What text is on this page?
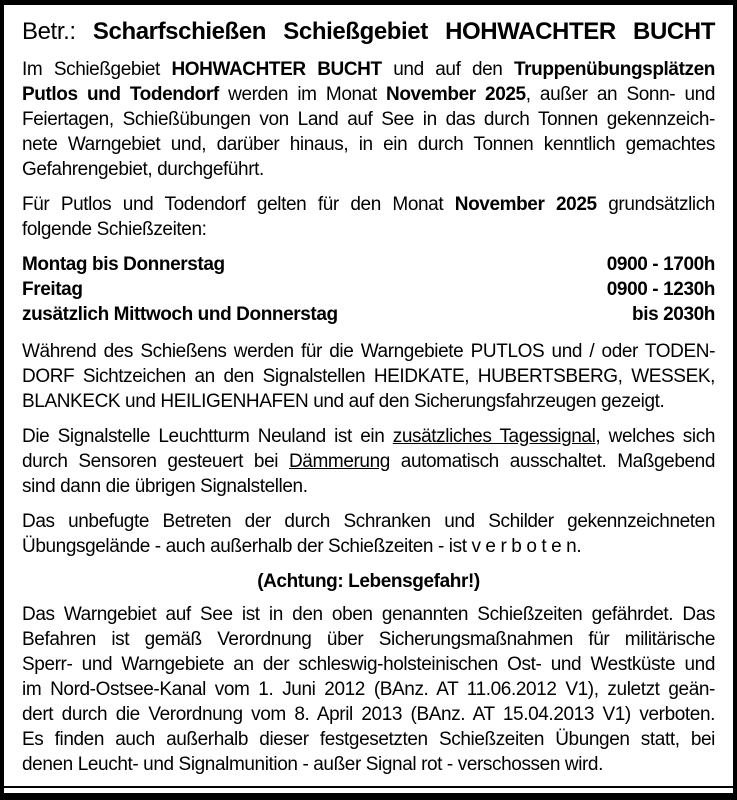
Betr.: Scharfschießen Schießgebiet HOHWACHTER BUCHT
Im Schießgebiet HOHWACHTER BUCHT und auf den Truppenübungsplätzen
Putlos und Todendorf werden im Monat November 2025, außer an Sonn- und
Feiertagen, Schießübungen von Land auf See in das durch Tonnen gekennzeich-
nete Warngebiet und, darüber hinaus, in ein durch Tonnen kenntlich gemachtes
Gefahrengebiet, durchgeführt.
Für Putlos und Todendorf gelten für den Monat November 2025 grundsätzlich
folgende Schießzeiten:
Montag bis Donnerstag	0900 - 1700h
Freitag	0900 - 1230h
zusätzlich Mittwoch und Donnerstag	bis 2030h
Während des Schießens werden für die Warngebiete PUTLOS und / oder TODEN-
DORF Sichtzeichen an den Signalstellen HEIDKATE, HUBERTSBERG, WESSEK,
BLANKECK und HEILIGENHAFEN und auf den Sicherungsfahrzeugen gezeigt.
Die Signalstelle Leuchtturm Neuland ist ein zusätzliches Tagessignal, welches sich
durch Sensoren gesteuert bei Dämmerung automatisch ausschaltet. Maßgebend
sind dann die übrigen Signalstellen.
Das unbefugte Betreten der durch Schranken und Schilder gekennzeichneten
Übungsgelände - auch außerhalb der Schießzeiten - ist v e r b o t e n.
(Achtung: Lebensgefahr!)
Das Warngebiet auf See ist in den oben genannten Schießzeiten gefährdet. Das
Befahren ist gemäß Verordnung über Sicherungsmaßnahmen für militärische
Sperr- und Warngebiete an der schleswig-holsteinischen Ost- und Westküste und
im Nord-Ostsee-Kanal vom 1. Juni 2012 (BAnz. AT 11.06.2012 V1), zuletzt geän-
dert durch die Verordnung vom 8. April 2013 (BAnz. AT 15.04.2013 V1) verboten.
Es finden auch außerhalb dieser festgesetzten Schießzeiten Übungen statt, bei
denen Leucht- und Signalmunition - außer Signal rot - verschossen wird.
